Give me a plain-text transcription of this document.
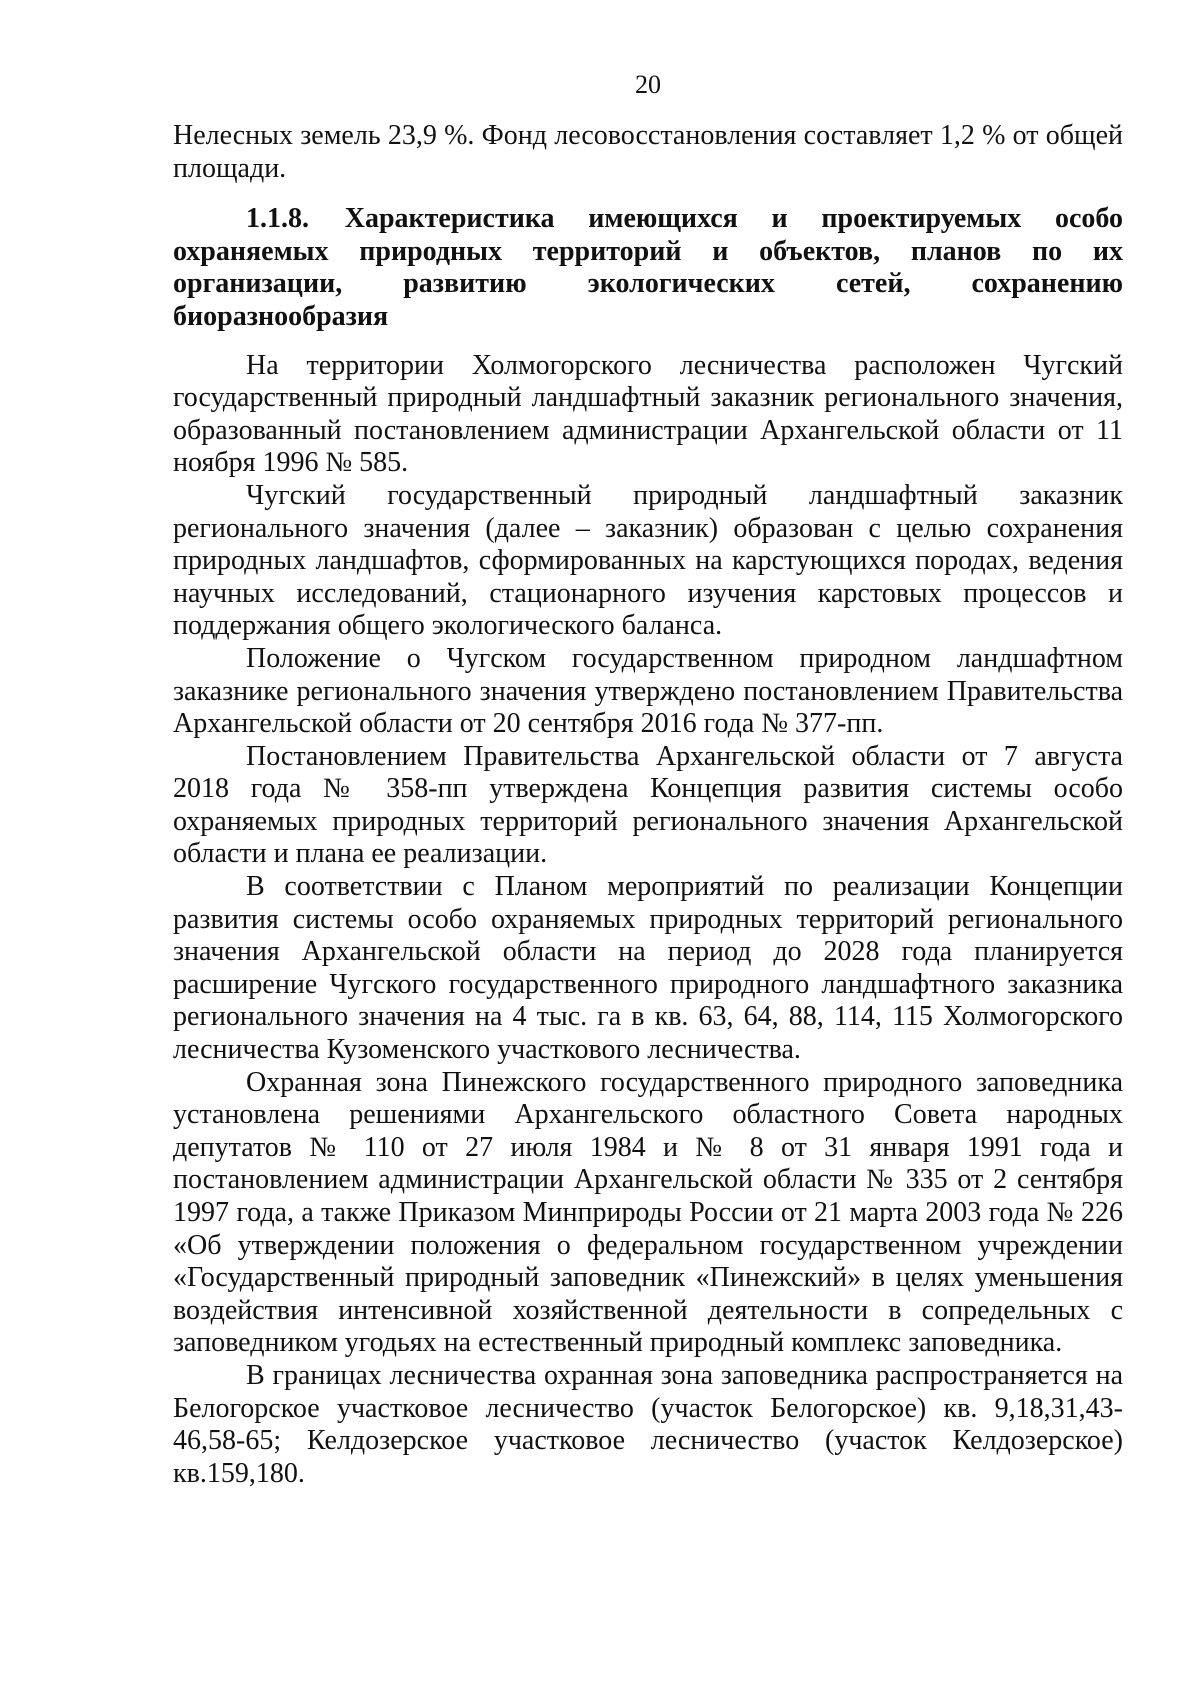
20

Нелесных земель 23,9 %. Фонд лесовосстановления составляет 1,2 % от общей площади.

1.1.8. Характеристика имеющихся и проектируемых особо охраняемых природных территорий и объектов, планов по их организации, развитию экологических сетей, сохранению биоразнообразия

На территории Холмогорского лесничества расположен Чугский государственный природный ландшафтный заказник регионального значения, образованный постановлением администрации Архангельской области от 11 ноября 1996 № 585.

Чугский государственный природный ландшафтный заказник регионального значения (далее – заказник) образован с целью сохранения природных ландшафтов, сформированных на карстующихся породах, ведения научных исследований, стационарного изучения карстовых процессов и поддержания общего экологического баланса.

Положение о Чугском государственном природном ландшафтном заказнике регионального значения утверждено постановлением Правительства Архангельской области от 20 сентября 2016 года № 377-пп.

Постановлением Правительства Архангельской области от 7 августа 2018 года № 358-пп утверждена Концепция развития системы особо охраняемых природных территорий регионального значения Архангельской области и плана ее реализации.

В соответствии с Планом мероприятий по реализации Концепции развития системы особо охраняемых природных территорий регионального значения Архангельской области на период до 2028 года планируется расширение Чугского государственного природного ландшафтного заказника регионального значения на 4 тыс. га в кв. 63, 64, 88, 114, 115 Холмогорского лесничества Кузоменского участкового лесничества.

Охранная зона Пинежского государственного природного заповедника установлена решениями Архангельского областного Совета народных депутатов № 110 от 27 июля 1984 и № 8 от 31 января 1991 года и постановлением администрации Архангельской области № 335 от 2 сентября 1997 года, а также Приказом Минприроды России от 21 марта 2003 года № 226 «Об утверждении положения о федеральном государственном учреждении «Государственный природный заповедник «Пинежский» в целях уменьшения воздействия интенсивной хозяйственной деятельности в сопредельных с заповедником угодьях на естественный природный комплекс заповедника.

В границах лесничества охранная зона заповедника распространяется на Белогорское участковое лесничество (участок Белогорское) кв. 9,18,31,43-46,58-65; Келдозерское участковое лесничество (участок Келдозерское) кв.159,180.
